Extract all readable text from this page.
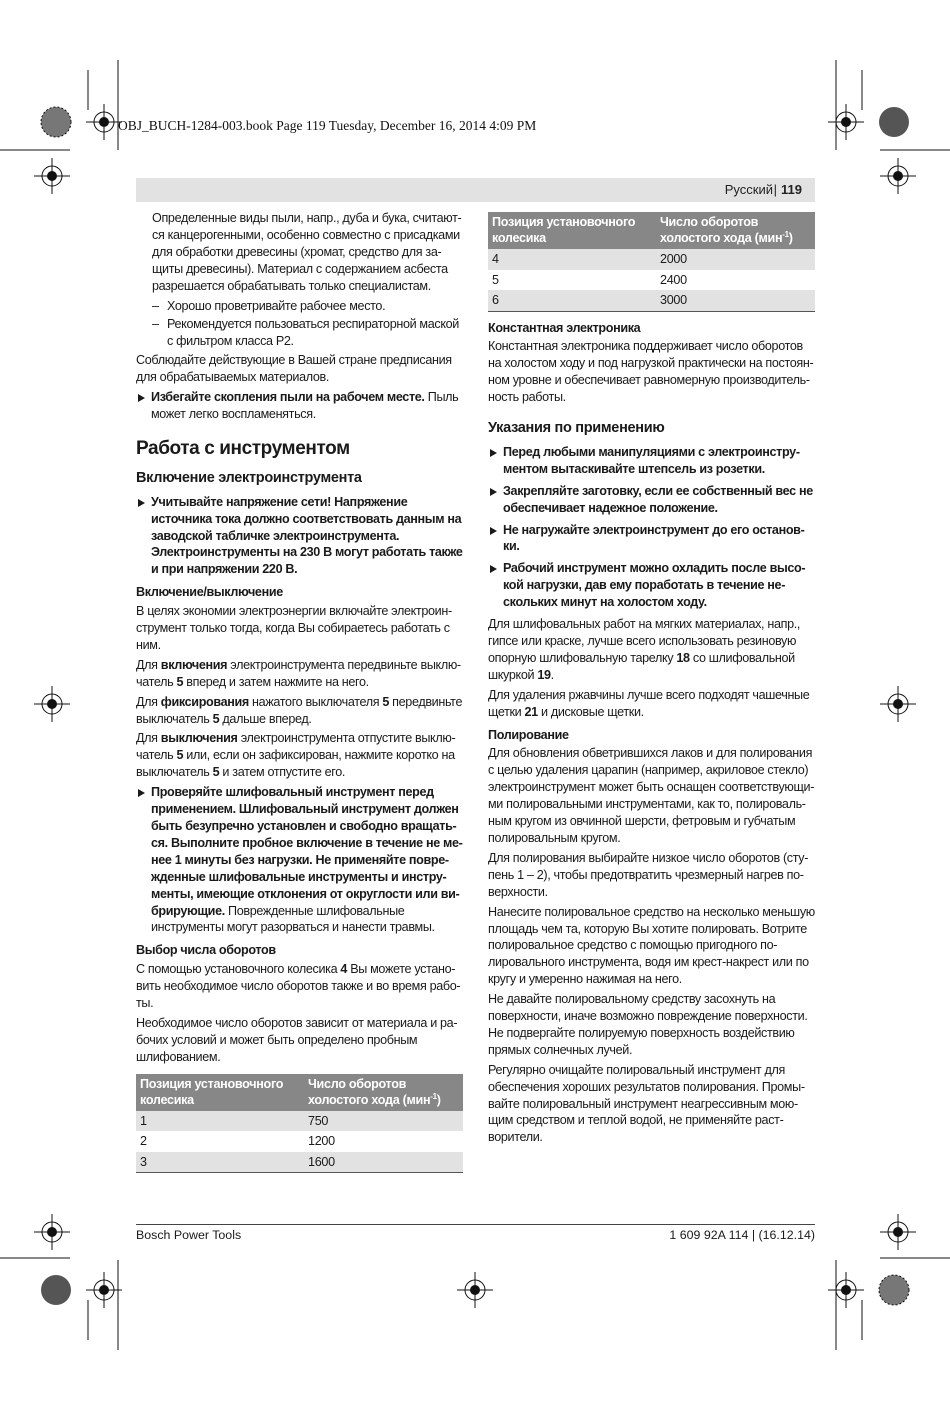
OBJ_BUCH-1284-003.book Page 119 Tuesday, December 16, 2014 4:09 PM
Русский | 119

Определенные виды пыли, напр., дуба и бука, считаются канцерогенными, особенно совместно с присадками для обработки древесины (хромат, средство для защиты древесины). Материал с содержанием асбеста разрешается обрабатывать только специалистам.

– Хорошо проветривайте рабочее место.
– Рекомендуется пользоваться респираторной маской с фильтром класса P2.

Соблюдайте действующие в Вашей стране предписания для обрабатываемых материалов.

Избегайте скопления пыли на рабочем месте. Пыль может легко воспламеняться.
Работа с инструментом
Включение электроинструмента
Учитывайте напряжение сети! Напряжение источника тока должно соответствовать данным на заводской табличке электроинструмента. Электроинструменты на 230 В могут работать также и при напряжении 220 В.
Включение/выключение

В целях экономии электроэнергии включайте электроинструмент только тогда, когда Вы собираетесь работать с ним.

Для включения электроинструмента передвиньте выключатель 5 вперед и затем нажмите на него.

Для фиксирования нажатого выключателя 5 передвиньте выключатель 5 дальше вперед.

Для выключения электроинструмента отпустите выключатель 5 или, если он зафиксирован, нажмите коротко на выключатель 5 и затем отпустите его.

Проверяйте шлифовальный инструмент перед применением. Шлифовальный инструмент должен быть безупречно установлен и свободно вращаться. Выполните пробное включение в течение не менее 1 минуты без нагрузки. Не применяйте поврежденные шлифовальные инструменты и инструменты, имеющие отклонения от округлости или вибрирующие. Поврежденные шлифовальные инструменты могут разорваться и нанести травмы.
Выбор числа оборотов

С помощью установочного колесика 4 Вы можете установить необходимое число оборотов также и во время работы.

Необходимое число оборотов зависит от материала и рабочих условий и может быть определено пробным шлифованием.

Позиция установочного колесика	Число оборотов холостого хода (мин$^{-1}$)
1	750
2	1200
3	1600
Позиция установочного колесика	Число оборотов холостого хода (мин$^{-1}$)
4	2000
5	2400
6	3000
Константная электроника

Константная электроника поддерживает число оборотов на холостом ходу и под нагрузкой практически на постоянном уровне и обеспечивает равномерную производительность работы.

Указания по применению
Перед любыми манипуляциями с электроинструментом вытаскивайте штепсель из розетки.
Закрепляйте заготовку, если ее собственный вес не обеспечивает надежное положение.
Не нагружайте электроинструмент до его остановки.
Рабочий инструмент можно охладить после высокой нагрузки, дав ему поработать в течение нескольких минут на холостом ходу.

Для шлифовальных работ на мягких материалах, напр., гипсе или краске, лучше всего использовать резиновую опорную шлифовальную тарелку 18 со шлифовальной шкуркой 19.

Для удаления ржавчины лучше всего подходят чашечные щетки 21 и дисковые щетки.

Полирование

Для обновления обветрившихся лаков и для полирования с целью удаления царапин (например, акриловое стекло) электроинструмент может быть оснащен соответствующими полировальными инструментами, как то, полировальным кругом из овчинной шерсти, фетровым и губчатым полировальным кругом.

Для полирования выбирайте низкое число оборотов (ступень 1 – 2), чтобы предотвратить чрезмерный нагрев поверхности.

Нанесите полировальное средство на несколько меньшую площадь чем та, которую Вы хотите полировать. Вотрите полировальное средство с помощью пригодного полировального инструмента, водя им крест-накрест или по кругу и умеренно нажимая на него.

Не давайте полировальному средству засохнуть на поверхности, иначе возможно повреждение поверхности. Не подвергайте полируемую поверхность воздействию прямых солнечных лучей.

Регулярно очищайте полировальный инструмент для обеспечения хороших результатов полирования. Промывайте полировальный инструмент неагрессивным моющим средством и теплой водой, не применяйте растворители.

Bosch Power Tools	1 609 92A 114 | (16.12.14)
